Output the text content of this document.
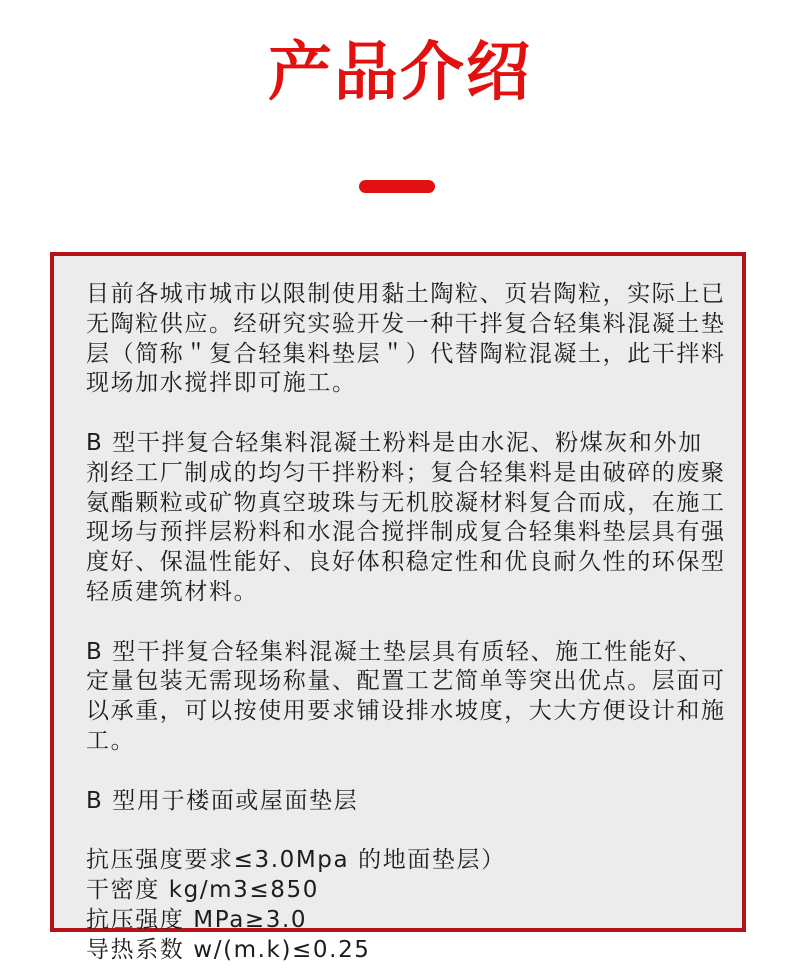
产品介绍

目前各城市城市以限制使用黏土陶粒、页岩陶粒，实际上已无陶粒供应。经研究实验开发一种干拌复合轻集料混凝土垫层（简称＂复合轻集料垫层＂）代替陶粒混凝土，此干拌料现场加水搅拌即可施工。

B 型干拌复合轻集料混凝土粉料是由水泥、粉煤灰和外加剂经工厂制成的均匀干拌粉料；复合轻集料是由破碎的废聚氨酯颗粒或矿物真空玻珠与无机胶凝材料复合而成，在施工现场与预拌层粉料和水混合搅拌制成复合轻集料垫层具有强度好、保温性能好、良好体积稳定性和优良耐久性的环保型轻质建筑材料。

B 型干拌复合轻集料混凝土垫层具有质轻、施工性能好、定量包装无需现场称量、配置工艺简单等突出优点。层面可以承重，可以按使用要求铺设排水坡度，大大方便设计和施工。

B 型用于楼面或屋面垫层

抗压强度要求≤3.0Mpa 的地面垫层）
干密度 kg/m3≤850
抗压强度 MPa≥3.0
导热系数 w/(m.k)≤0.25
